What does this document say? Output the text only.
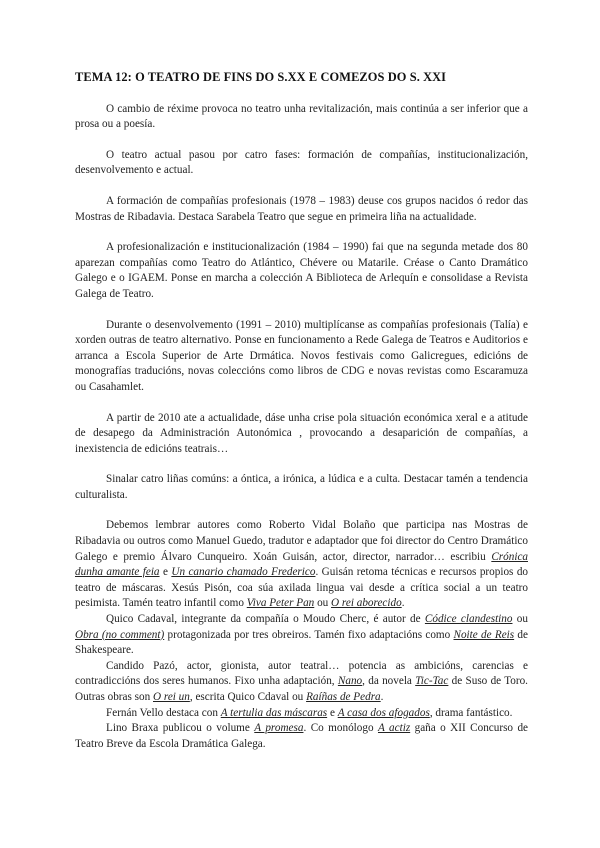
TEMA 12: O TEATRO DE FINS DO S.XX E COMEZOS DO S. XXI

O cambio de réxime provoca no teatro unha revitalización, mais continúa a ser inferior que a prosa ou a poesía.

O teatro actual pasou por catro fases: formación de compañías, institucionalización, desenvolvemento e actual.

A formación de compañías profesionais (1978 – 1983) deuse cos grupos nacidos ó redor das Mostras de Ribadavia. Destaca Sarabela Teatro que segue en primeira liña na actualidade.

A profesionalización e institucionalización (1984 – 1990) fai que na segunda metade dos 80 aparezan compañías como Teatro do Atlántico, Chévere ou Matarile. Créase o Canto Dramático Galego e o IGAEM. Ponse en marcha a colección A Biblioteca de Arlequín e consolidase a Revista Galega de Teatro.

Durante o desenvolvemento (1991 – 2010) multiplícanse as compañías profesionais (Talía) e xorden outras de teatro alternativo. Ponse en funcionamento a Rede Galega de Teatros e Auditorios e arranca a Escola Superior de Arte Drmática. Novos festivais como Galicregues, edicións de monografías traducións, novas coleccións como libros de CDG e novas revistas como Escaramuza ou Casahamlet.

A partir de 2010 ate a actualidade, dáse unha crise pola situación económica xeral e a atitude de desapego da Administración Autonómica , provocando a desaparición de compañías, a inexistencia de edicións teatrais…

Sinalar catro liñas comúns: a óntica, a irónica, a lúdica e a culta. Destacar tamén a tendencia culturalista.

Debemos lembrar autores como Roberto Vidal Bolaño que participa nas Mostras de Ribadavia ou outros como Manuel Guedo, tradutor e adaptador que foi director do Centro Dramático Galego e premio Álvaro Cunqueiro. Xoán Guisán, actor, director, narrador… escribiu Crónica dunha amante feia e Un canario chamado Frederico. Guisán retoma técnicas e recursos propios do teatro de máscaras. Xesús Pisón, coa súa axilada lingua vai desde a crítica social a un teatro pesimista. Tamén teatro infantil como Viva Peter Pan ou O rei aborecido.

Quico Cadaval, integrante da compañía o Moudo Cherc, é autor de Códice clandestino ou Obra (no comment) protagonizada por tres obreiros. Tamén fixo adaptacións como Noite de Reis de Shakespeare.

Candido Pazó, actor, gionista, autor teatral… potencia as ambicións, carencias e contradiccións dos seres humanos. Fixo unha adaptación, Nano, da novela Tic-Tac de Suso de Toro. Outras obras son O rei un, escrita Quico Cdaval ou Raíñas de Pedra.

Fernán Vello destaca con A tertulia das máscaras e A casa dos afogados, drama fantástico.

Lino Braxa publicou o volume A promesa. Co monólogo A actiz gaña o XII Concurso de Teatro Breve da Escola Dramática Galega.
